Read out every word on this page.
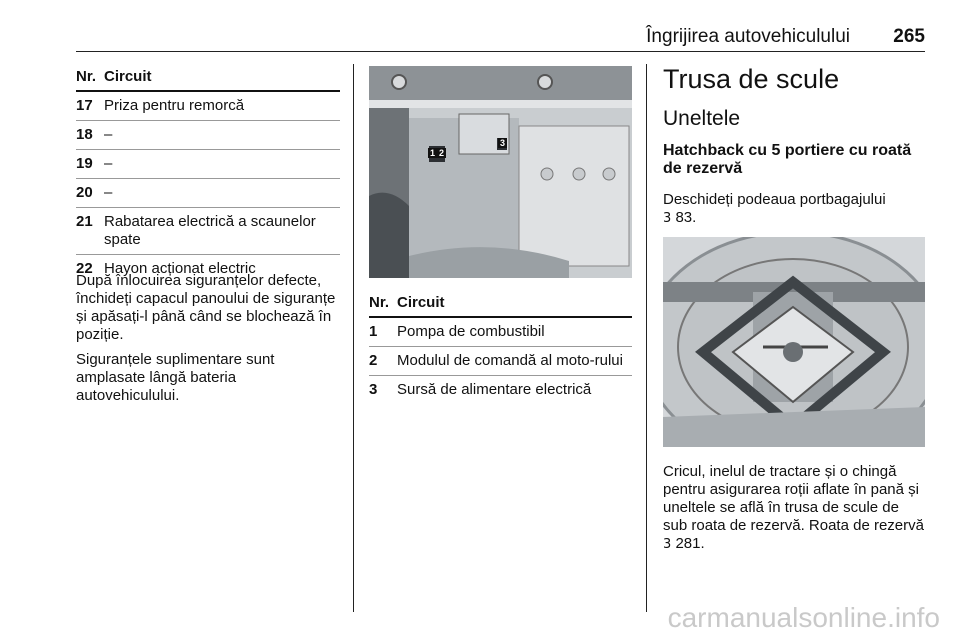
Îngrijirea autovehiculului	265
Nr. Circuit
17 Priza pentru remorcă
18 –
19 –
20 –
21 Rabatarea electrică a scaunelor spate
22 Hayon acționat electric

După înlocuirea siguranțelor defecte, închideți capacul panoului de siguranțe și apăsați-l până când se blochează în poziție.

Siguranțele suplimentare sunt amplasate lângă bateria autovehiculului.

1 2
3
Nr. Circuit
1	Pompa de combustibil
2	Modulul de comandă al moto-rului
3	Sursă de alimentare electrică
Trusa de scule
Uneltele
Hatchback cu 5 portiere cu roată de rezervă
Deschideți podeaua portbagajului
3 83.
Cricul, inelul de tractare și o chingă pentru asigurarea roții aflate în pană și uneltele se află în trusa de scule de sub roata de rezervă. Roata de rezervă 3 281.
carmanualsonline.info
